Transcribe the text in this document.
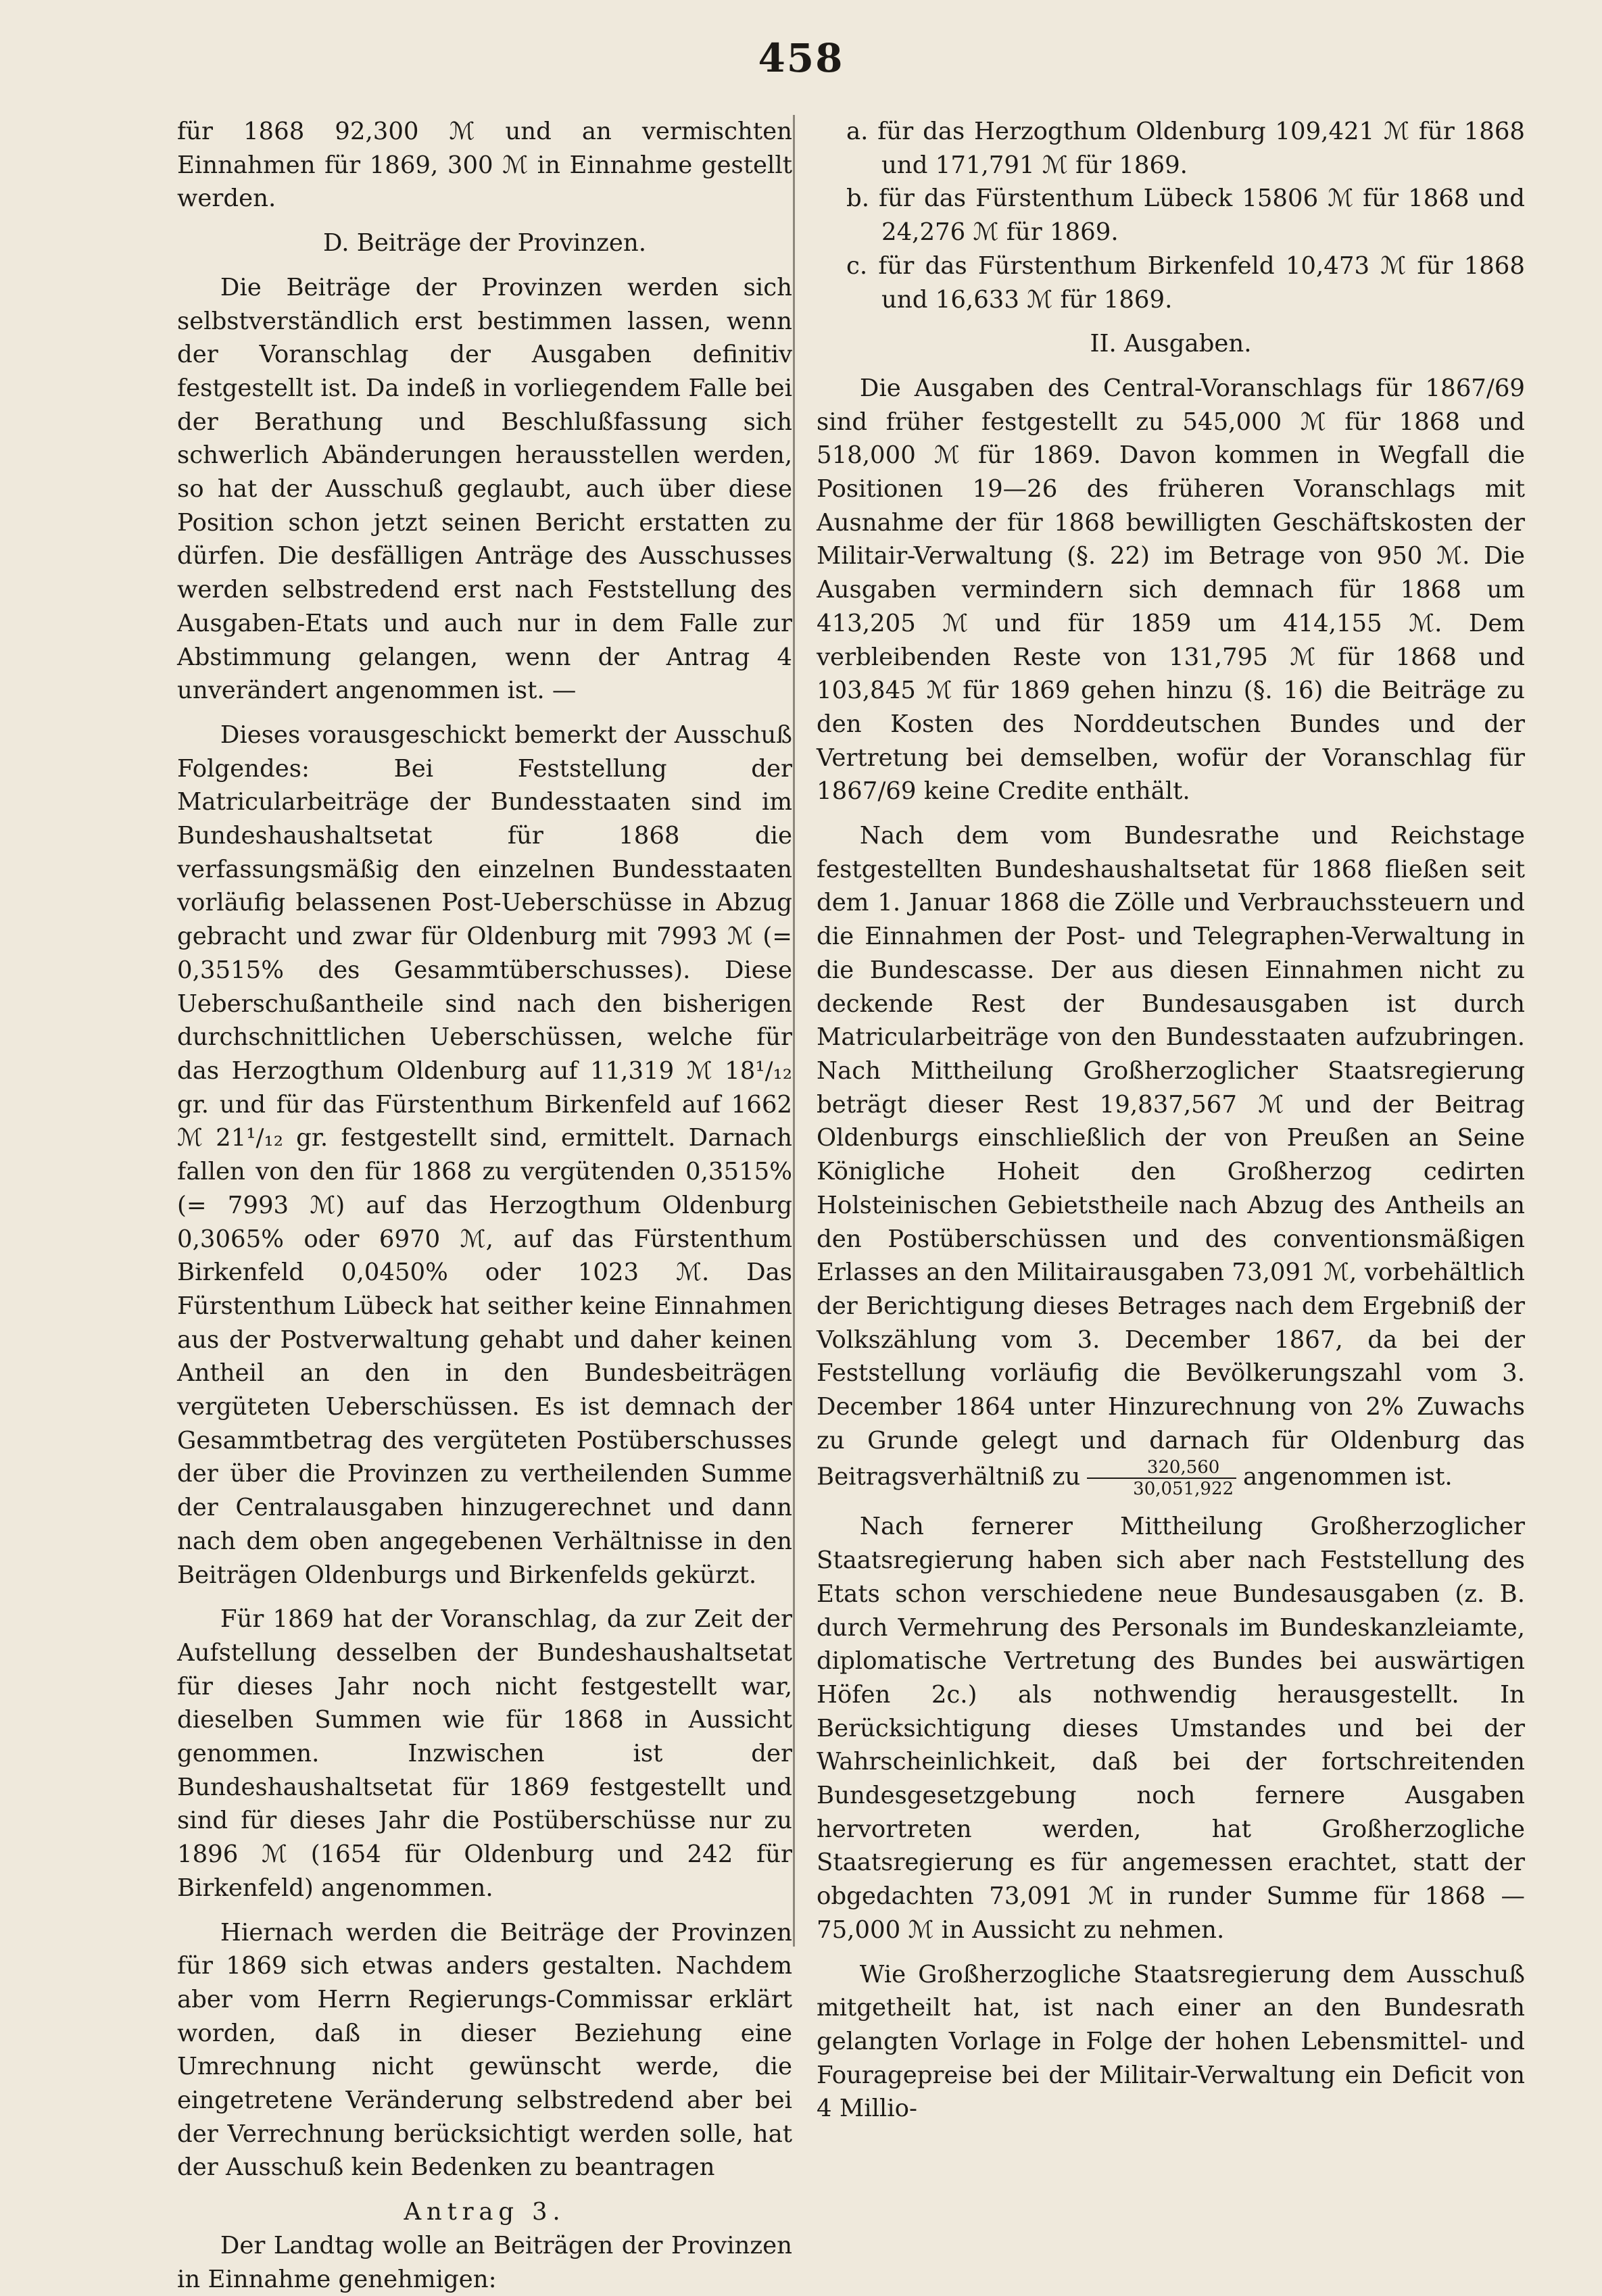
458

für 1868 92,300 ℳ und an vermischten Einnahmen für 1869, 300 ℳ in Einnahme gestellt werden.

D. Beiträge der Provinzen.

Die Beiträge der Provinzen werden sich selbstverständlich erst bestimmen lassen, wenn der Voranschlag der Ausgaben definitiv festgestellt ist. Da indeß in vorliegendem Falle bei der Berathung und Beschlußfassung sich schwerlich Abänderungen herausstellen werden, so hat der Ausschuß geglaubt, auch über diese Position schon jetzt seinen Bericht erstatten zu dürfen. Die desfälligen Anträge des Ausschusses werden selbstredend erst nach Feststellung des Ausgaben-Etats und auch nur in dem Falle zur Abstimmung gelangen, wenn der Antrag 4 unverändert angenommen ist. —

Dieses vorausgeschickt bemerkt der Ausschuß Folgendes: Bei Feststellung der Matricularbeiträge der Bundesstaaten sind im Bundeshaushaltsetat für 1868 die verfassungsmäßig den einzelnen Bundesstaaten vorläufig belassenen Post-Ueberschüsse in Abzug gebracht und zwar für Oldenburg mit 7993 ℳ (= 0,3515% des Gesammtüberschusses). Diese Ueberschußantheile sind nach den bisherigen durchschnittlichen Ueberschüssen, welche für das Herzogthum Oldenburg auf 11,319 ℳ 18¹/₁₂ gr. und für das Fürstenthum Birkenfeld auf 1662 ℳ 21¹/₁₂ gr. festgestellt sind, ermittelt. Darnach fallen von den für 1868 zu vergütenden 0,3515% (= 7993 ℳ) auf das Herzogthum Oldenburg 0,3065% oder 6970 ℳ, auf das Fürstenthum Birkenfeld 0,0450% oder 1023 ℳ. Das Fürstenthum Lübeck hat seither keine Einnahmen aus der Postverwaltung gehabt und daher keinen Antheil an den in den Bundesbeiträgen vergüteten Ueberschüssen. Es ist demnach der Gesammtbetrag des vergüteten Postüberschusses der über die Provinzen zu vertheilenden Summe der Centralausgaben hinzugerechnet und dann nach dem oben angegebenen Verhältnisse in den Beiträgen Oldenburgs und Birkenfelds gekürzt.

Für 1869 hat der Voranschlag, da zur Zeit der Aufstellung desselben der Bundeshaushaltsetat für dieses Jahr noch nicht festgestellt war, dieselben Summen wie für 1868 in Aussicht genommen. Inzwischen ist der Bundeshaushaltsetat für 1869 festgestellt und sind für dieses Jahr die Postüberschüsse nur zu 1896 ℳ (1654 für Oldenburg und 242 für Birkenfeld) angenommen.

Hiernach werden die Beiträge der Provinzen für 1869 sich etwas anders gestalten. Nachdem aber vom Herrn Regierungs-Commissar erklärt worden, daß in dieser Beziehung eine Umrechnung nicht gewünscht werde, die eingetretene Veränderung selbstredend aber bei der Verrechnung berücksichtigt werden solle, hat der Ausschuß kein Bedenken zu beantragen

Antrag 3.

Der Landtag wolle an Beiträgen der Provinzen in Einnahme genehmigen:

a. für das Herzogthum Oldenburg 109,421 ℳ für 1868 und 171,791 ℳ für 1869.

b. für das Fürstenthum Lübeck 15806 ℳ für 1868 und 24,276 ℳ für 1869.

c. für das Fürstenthum Birkenfeld 10,473 ℳ für 1868 und 16,633 ℳ für 1869.

II. Ausgaben.

Die Ausgaben des Central-Voranschlags für 1867/69 sind früher festgestellt zu 545,000 ℳ für 1868 und 518,000 ℳ für 1869. Davon kommen in Wegfall die Positionen 19—26 des früheren Voranschlags mit Ausnahme der für 1868 bewilligten Geschäftskosten der Militair-Verwaltung (§. 22) im Betrage von 950 ℳ. Die Ausgaben vermindern sich demnach für 1868 um 413,205 ℳ und für 1859 um 414,155 ℳ. Dem verbleibenden Reste von 131,795 ℳ für 1868 und 103,845 ℳ für 1869 gehen hinzu (§. 16) die Beiträge zu den Kosten des Norddeutschen Bundes und der Vertretung bei demselben, wofür der Voranschlag für 1867/69 keine Credite enthält.

Nach dem vom Bundesrathe und Reichstage festgestellten Bundeshaushaltsetat für 1868 fließen seit dem 1. Januar 1868 die Zölle und Verbrauchssteuern und die Einnahmen der Post- und Telegraphen-Verwaltung in die Bundescasse. Der aus diesen Einnahmen nicht zu deckende Rest der Bundesausgaben ist durch Matricularbeiträge von den Bundesstaaten aufzubringen. Nach Mittheilung Großherzoglicher Staatsregierung beträgt dieser Rest 19,837,567 ℳ und der Beitrag Oldenburgs einschließlich der von Preußen an Seine Königliche Hoheit den Großherzog cedirten Holsteinischen Gebietstheile nach Abzug des Antheils an den Postüberschüssen und des conventionsmäßigen Erlasses an den Militairausgaben 73,091 ℳ, vorbehältlich der Berichtigung dieses Betrages nach dem Ergebniß der Volkszählung vom 3. December 1867, da bei der Feststellung vorläufig die Bevölkerungszahl vom 3. December 1864 unter Hinzurechnung von 2% Zuwachs zu Grunde gelegt und darnach für Oldenburg das Beitragsverhältniß zu $\frac{320,560}{30,051,922}$ angenommen ist.

Nach fernerer Mittheilung Großherzoglicher Staatsregierung haben sich aber nach Feststellung des Etats schon verschiedene neue Bundesausgaben (z. B. durch Vermehrung des Personals im Bundeskanzleiamte, diplomatische Vertretung des Bundes bei auswärtigen Höfen 2c.) als nothwendig herausgestellt. In Berücksichtigung dieses Umstandes und bei der Wahrscheinlichkeit, daß bei der fortschreitenden Bundesgesetzgebung noch fernere Ausgaben hervortreten werden, hat Großherzogliche Staatsregierung es für angemessen erachtet, statt der obgedachten 73,091 ℳ in runder Summe für 1868 — 75,000 ℳ in Aussicht zu nehmen.

Wie Großherzogliche Staatsregierung dem Ausschuß mitgetheilt hat, ist nach einer an den Bundesrath gelangten Vorlage in Folge der hohen Lebensmittel- und Fouragepreise bei der Militair-Verwaltung ein Deficit von 4 Millio-
